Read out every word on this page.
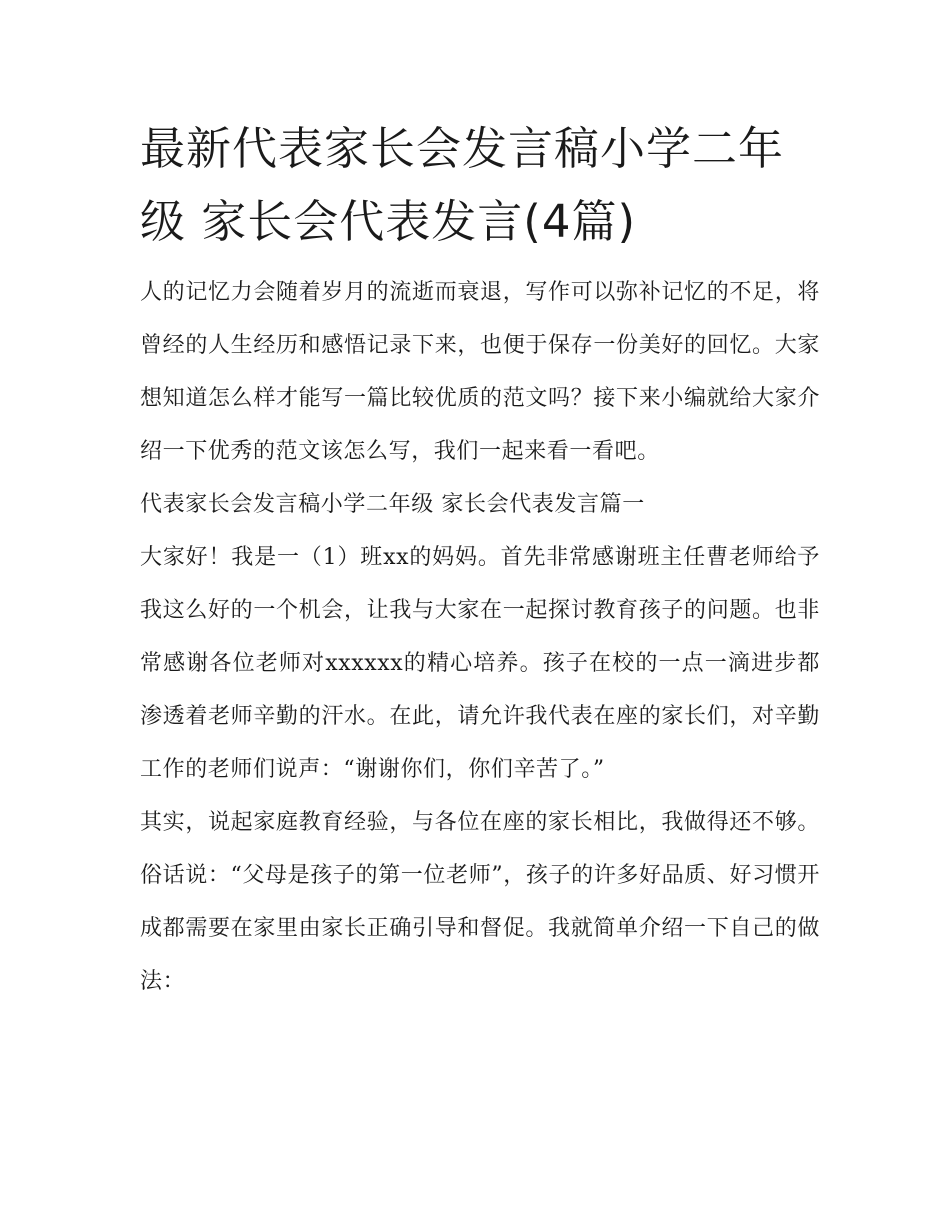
最新代表家长会发言稿小学二年级 家长会代表发言(4篇)

人的记忆力会随着岁月的流逝而衰退，写作可以弥补记忆的不足，将曾经的人生经历和感悟记录下来，也便于保存一份美好的回忆。大家想知道怎么样才能写一篇比较优质的范文吗？接下来小编就给大家介绍一下优秀的范文该怎么写，我们一起来看一看吧。

代表家长会发言稿小学二年级 家长会代表发言篇一

大家好！我是一（1）班xx的妈妈。首先非常感谢班主任曹老师给予我这么好的一个机会，让我与大家在一起探讨教育孩子的问题。也非常感谢各位老师对xxxxxx的精心培养。孩子在校的一点一滴进步都渗透着老师辛勤的汗水。在此，请允许我代表在座的家长们，对辛勤工作的老师们说声：“谢谢你们，你们辛苦了。”

其实，说起家庭教育经验，与各位在座的家长相比，我做得还不够。俗话说：“父母是孩子的第一位老师”，孩子的许多好品质、好习惯开成都需要在家里由家长正确引导和督促。我就简单介绍一下自己的做法：
